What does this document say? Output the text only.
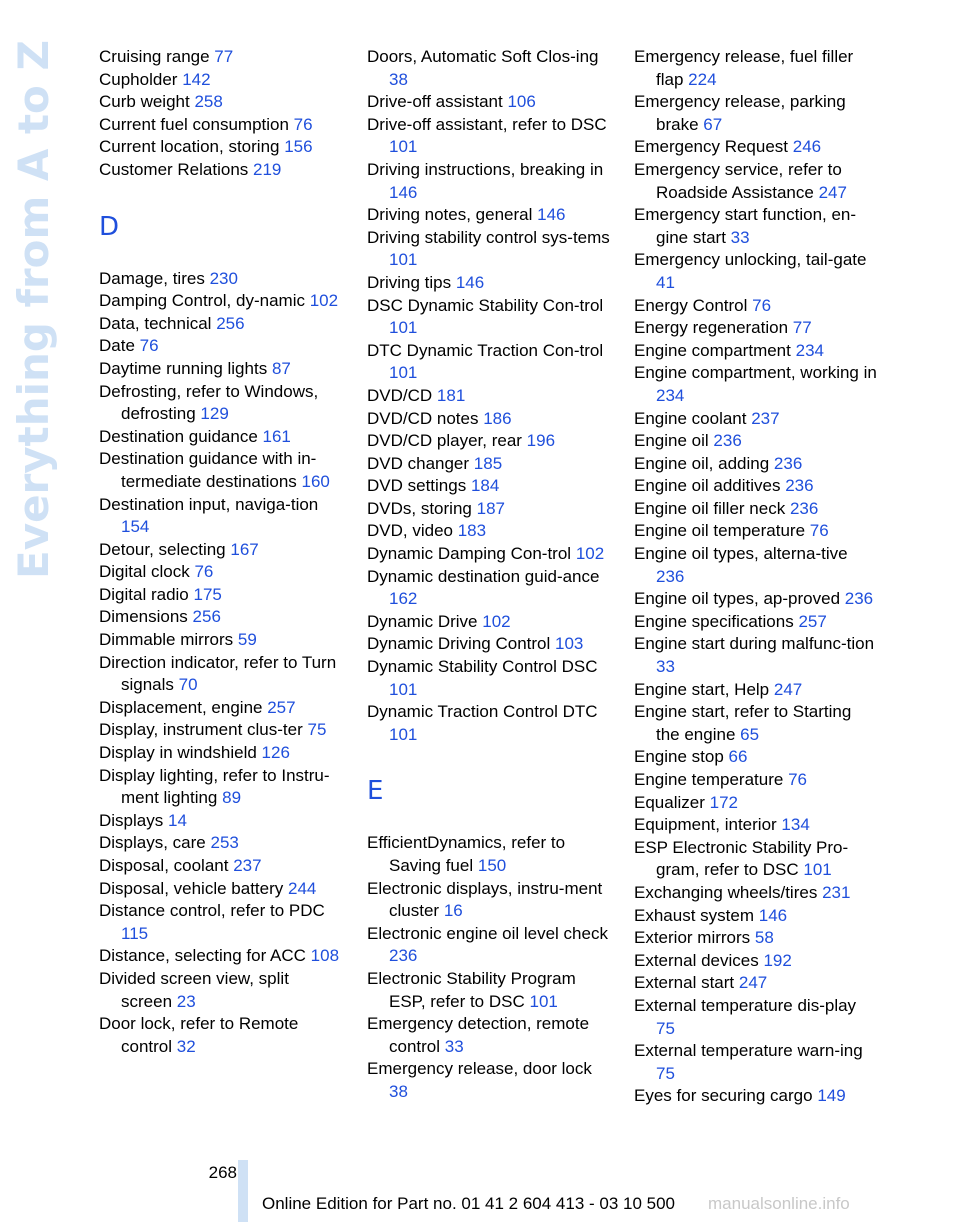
Everything from A to Z	Cruising range 77
Cupholder 142
Curb weight 258
Current fuel consumption 76
Current location, storing 156
Customer Relations 219
D
Damage, tires 230
Damping Control, dy-namic 102
Data, technical 256
Date 76
Daytime running lights 87
Defrosting, refer to Windows, defrosting 129
Destination guidance 161
Destination guidance with in-termediate destinations 160
Destination input, naviga-tion 154
Detour, selecting 167
Digital clock 76
Digital radio 175
Dimensions 256
Dimmable mirrors 59
Direction indicator, refer to Turn signals 70
Displacement, engine 257
Display, instrument clus-ter 75
Display in windshield 126
Display lighting, refer to Instru-ment lighting 89
Displays 14
Displays, care 253
Disposal, coolant 237
Disposal, vehicle battery 244
Distance control, refer to PDC 115
Distance, selecting for ACC 108
Divided screen view, split screen 23
Door lock, refer to Remote control 32
Doors, Automatic Soft Clos-ing 38
Drive-off assistant 106
Drive-off assistant, refer to DSC 101
Driving instructions, breaking in 146
Driving notes, general 146
Driving stability control sys-tems 101
Driving tips 146
DSC Dynamic Stability Con-trol 101
DTC Dynamic Traction Con-trol 101
DVD/CD 181
DVD/CD notes 186
DVD/CD player, rear 196
DVD changer 185
DVD settings 184
DVDs, storing 187
DVD, video 183
Dynamic Damping Con-trol 102
Dynamic destination guid-ance 162
Dynamic Drive 102
Dynamic Driving Control 103
Dynamic Stability Control DSC 101
Dynamic Traction Control DTC 101
E
EfficientDynamics, refer to Saving fuel 150
Electronic displays, instru-ment cluster 16
Electronic engine oil level check 236
Electronic Stability Program ESP, refer to DSC 101
Emergency detection, remote control 33
Emergency release, door lock 38
Emergency release, fuel filler flap 224
Emergency release, parking brake 67
Emergency Request 246
Emergency service, refer to Roadside Assistance 247
Emergency start function, en-gine start 33
Emergency unlocking, tail-gate 41
Energy Control 76
Energy regeneration 77
Engine compartment 234
Engine compartment, working in 234
Engine coolant 237
Engine oil 236
Engine oil, adding 236
Engine oil additives 236
Engine oil filler neck 236
Engine oil temperature 76
Engine oil types, alterna-tive 236
Engine oil types, ap-proved 236
Engine specifications 257
Engine start during malfunc-tion 33
Engine start, Help 247
Engine start, refer to Starting the engine 65
Engine stop 66
Engine temperature 76
Equalizer 172
Equipment, interior 134
ESP Electronic Stability Pro-gram, refer to DSC 101
Exchanging wheels/tires 231
Exhaust system 146
Exterior mirrors 58
External devices 192
External start 247
External temperature dis-play 75
External temperature warn-ing 75
Eyes for securing cargo 149
268
Online Edition for Part no. 01 41 2 604 413 - 03 10 500 manualsonline.info
